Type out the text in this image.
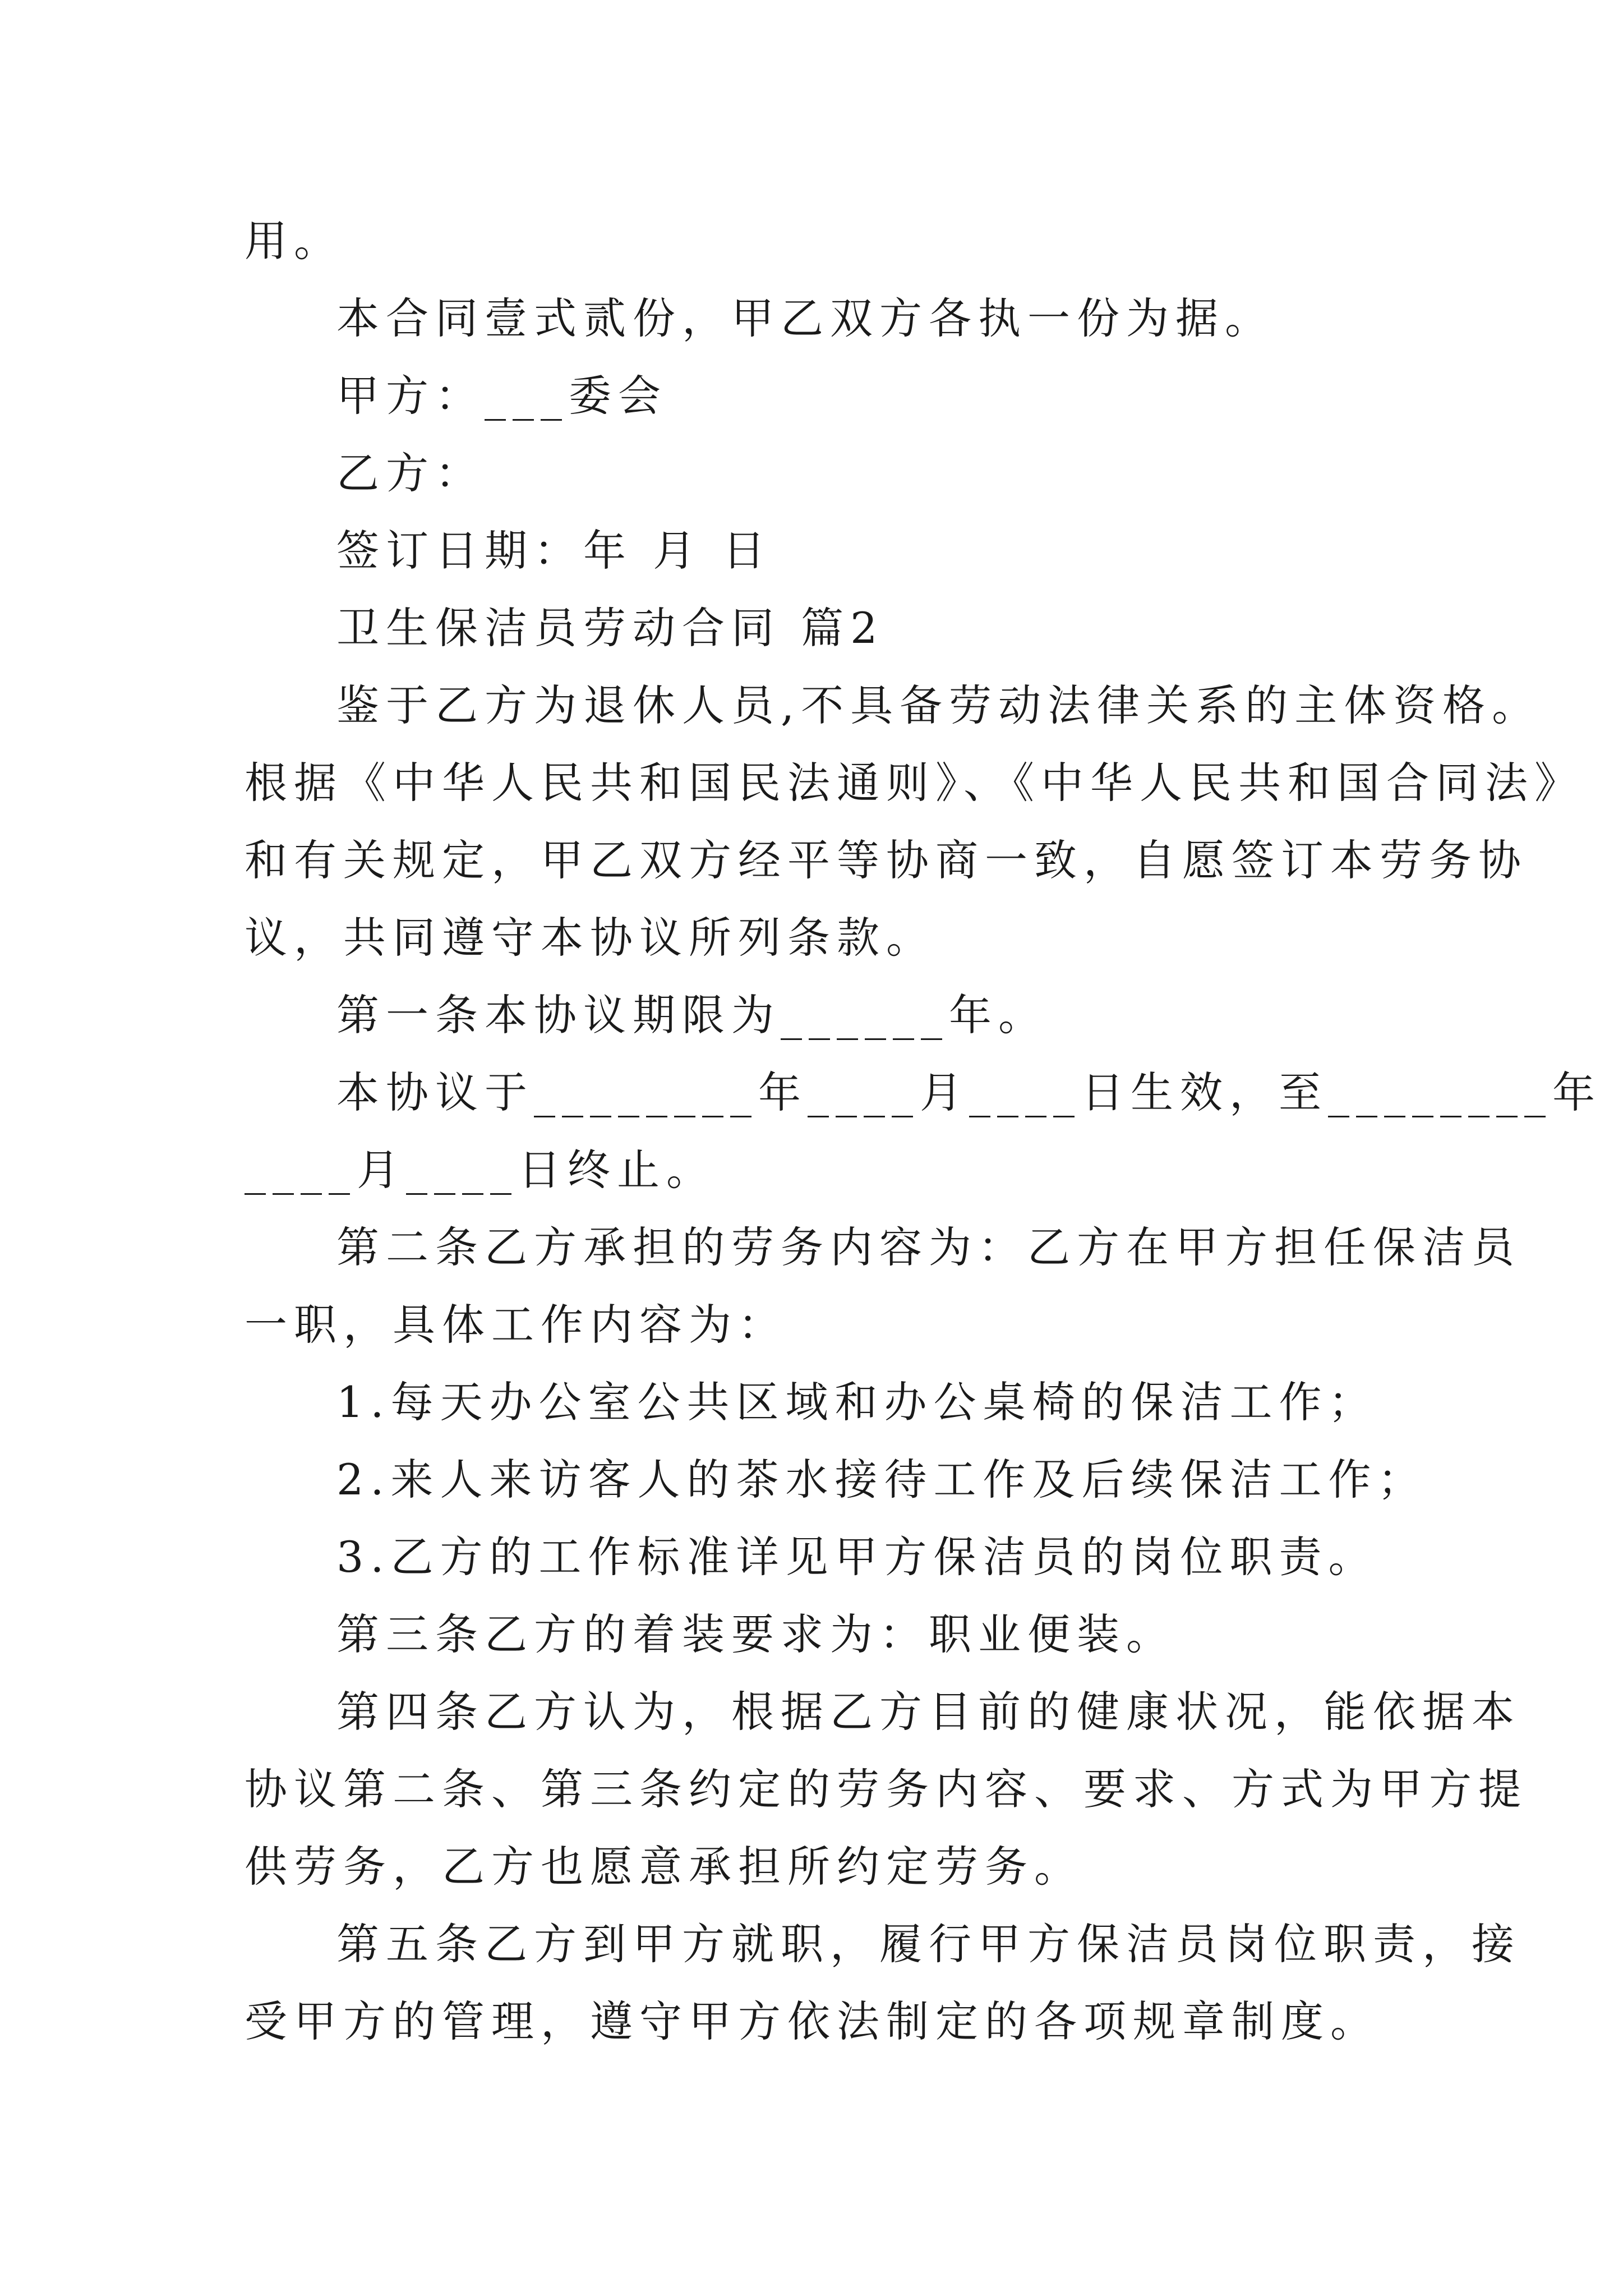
用。
本合同壹式贰份，甲乙双方各执一份为据。
甲方：___委会
乙方：
签订日期：年 月 日
卫生保洁员劳动合同 篇2
鉴于乙方为退休人员,不具备劳动法律关系的主体资格。
根据《中华人民共和国民法通则》、《中华人民共和国合同法》
和有关规定，甲乙双方经平等协商一致，自愿签订本劳务协
议，共同遵守本协议所列条款。
第一条本协议期限为______年。
本协议于________年____月____日生效，至________年
____月____日终止。
第二条乙方承担的劳务内容为：乙方在甲方担任保洁员
一职，具体工作内容为：
1.每天办公室公共区域和办公桌椅的保洁工作；
2.来人来访客人的茶水接待工作及后续保洁工作；
3.乙方的工作标准详见甲方保洁员的岗位职责。
第三条乙方的着装要求为：职业便装。
第四条乙方认为，根据乙方目前的健康状况，能依据本
协议第二条、第三条约定的劳务内容、要求、方式为甲方提
供劳务，乙方也愿意承担所约定劳务。
第五条乙方到甲方就职，履行甲方保洁员岗位职责，接
受甲方的管理，遵守甲方依法制定的各项规章制度。
